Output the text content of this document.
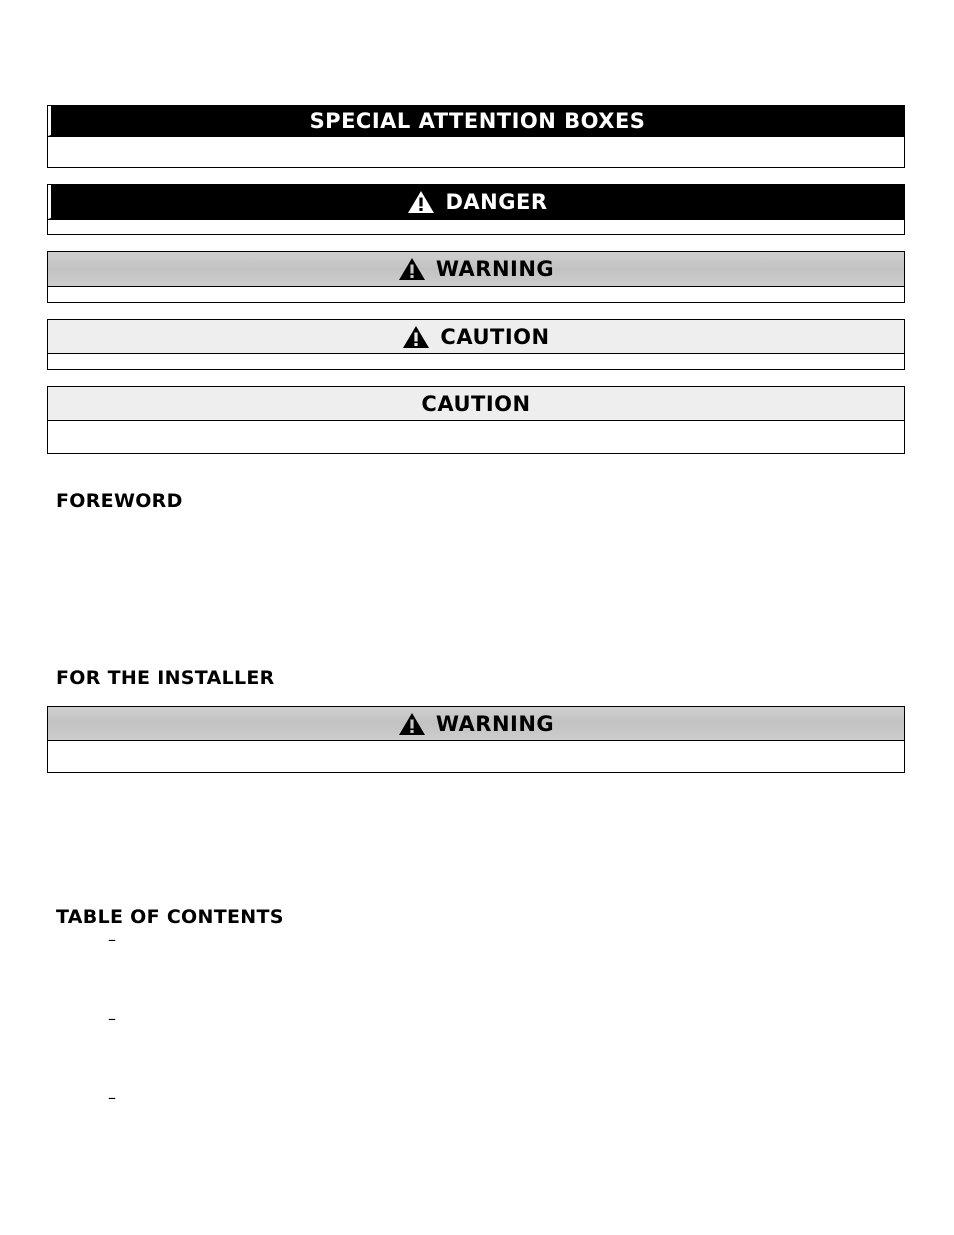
SPECIAL ATTENTION BOXES
DANGER
WARNING
CAUTION
CAUTION
FOREWORD
FOR THE INSTALLER
WARNING
TABLE OF CONTENTS
–
–
–
